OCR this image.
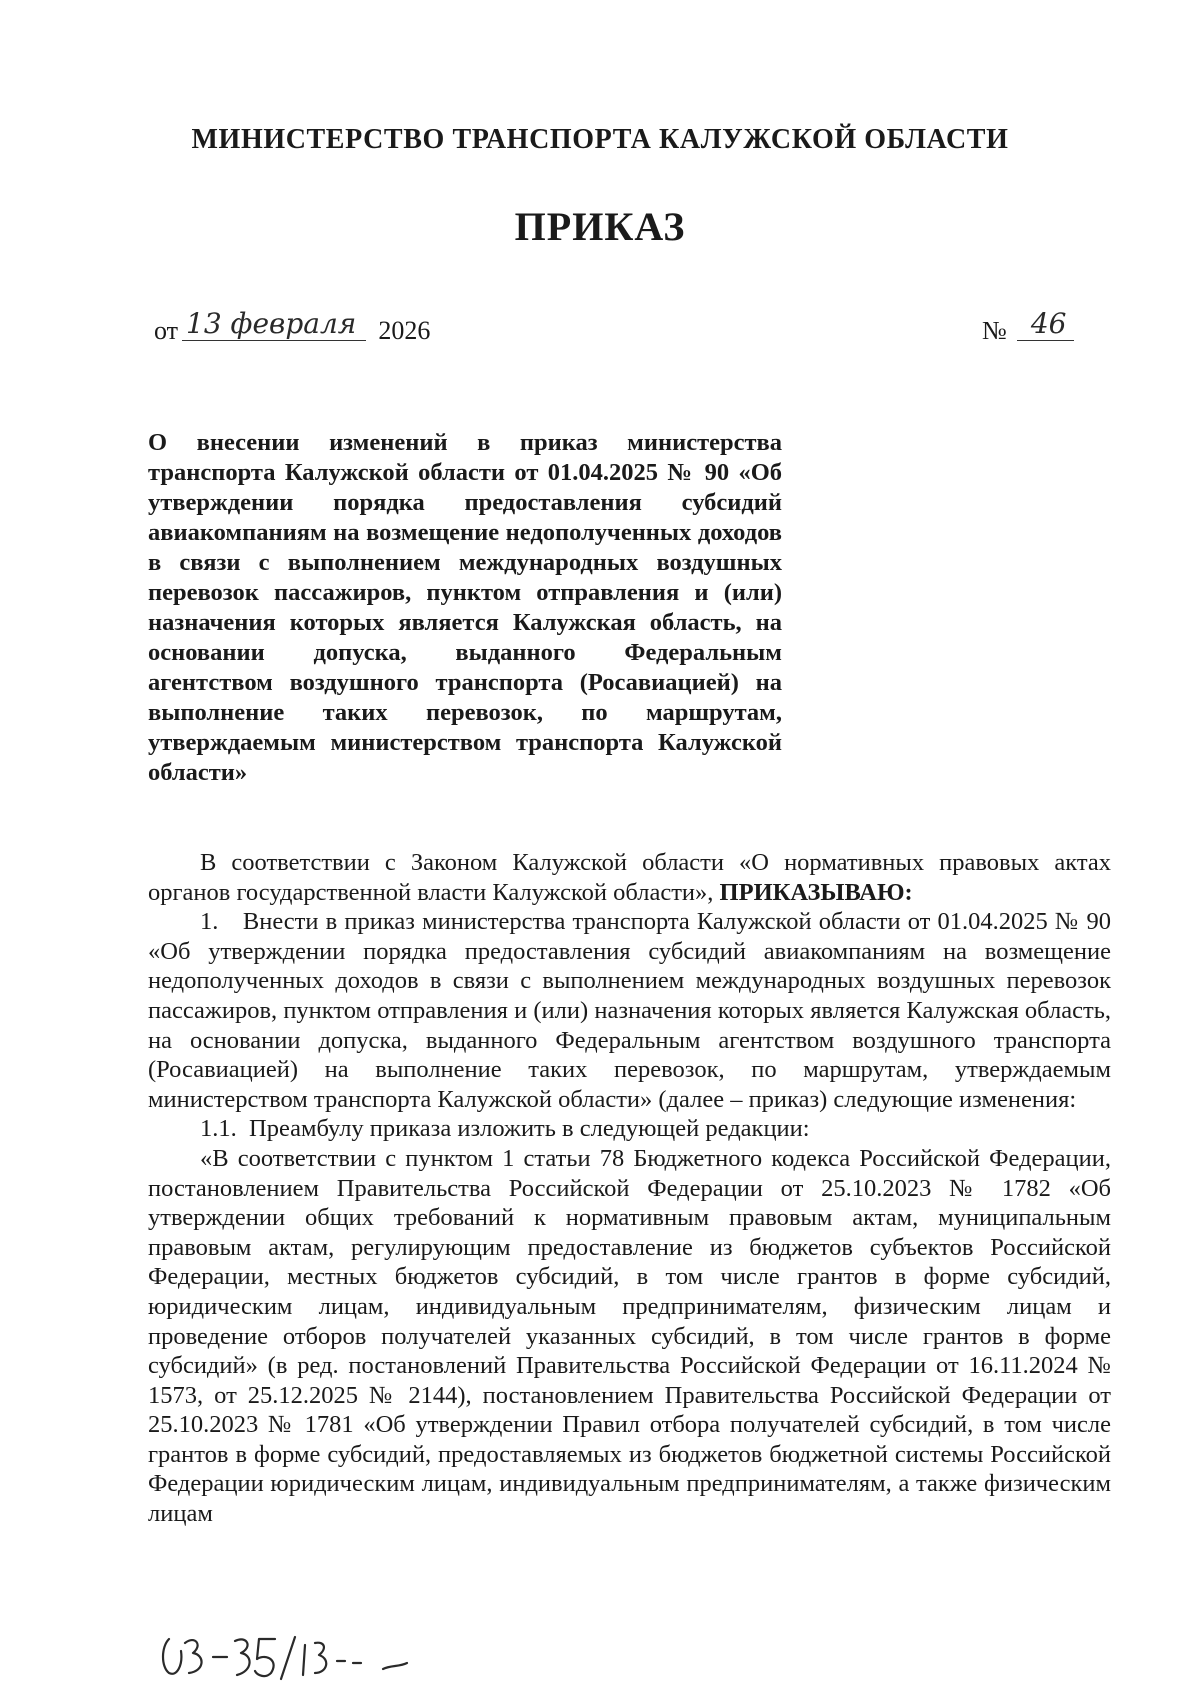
МИНИСТЕРСТВО ТРАНСПОРТА КАЛУЖСКОЙ ОБЛАСТИ
ПРИКАЗ
от 13 февраля 2026	№ 46

О внесении изменений в приказ министерства транспорта Калужской области от 01.04.2025 № 90 «Об утверждении порядка предоставления субсидий авиакомпаниям на возмещение недополученных доходов в связи с выполнением международных воздушных перевозок пассажиров, пунктом отправления и (или) назначения которых является Калужская область, на основании допуска, выданного Федеральным агентством воздушного транспорта (Росавиацией) на выполнение таких перевозок, по маршрутам, утверждаемым министерством транспорта Калужской области»

В соответствии с Законом Калужской области «О нормативных правовых актах органов государственной власти Калужской области», ПРИКАЗЫВАЮ:

1. Внести в приказ министерства транспорта Калужской области от 01.04.2025 № 90 «Об утверждении порядка предоставления субсидий авиакомпаниям на возмещение недополученных доходов в связи с выполнением международных воздушных перевозок пассажиров, пунктом отправления и (или) назначения которых является Калужская область, на основании допуска, выданного Федеральным агентством воздушного транспорта (Росавиацией) на выполнение таких перевозок, по маршрутам, утверждаемым министерством транспорта Калужской области» (далее – приказ) следующие изменения:

1.1. Преамбулу приказа изложить в следующей редакции:

«В соответствии с пунктом 1 статьи 78 Бюджетного кодекса Российской Федерации, постановлением Правительства Российской Федерации от 25.10.2023 № 1782 «Об утверждении общих требований к нормативным правовым актам, муниципальным правовым актам, регулирующим предоставление из бюджетов субъектов Российской Федерации, местных бюджетов субсидий, в том числе грантов в форме субсидий, юридическим лицам, индивидуальным предпринимателям, физическим лицам и проведение отборов получателей указанных субсидий, в том числе грантов в форме субсидий» (в ред. постановлений Правительства Российской Федерации от 16.11.2024 № 1573, от 25.12.2025 № 2144), постановлением Правительства Российской Федерации от 25.10.2023 № 1781 «Об утверждении Правил отбора получателей субсидий, в том числе грантов в форме субсидий, предоставляемых из бюджетов бюджетной системы Российской Федерации юридическим лицам, индивидуальным предпринимателям, а также физическим лицам
